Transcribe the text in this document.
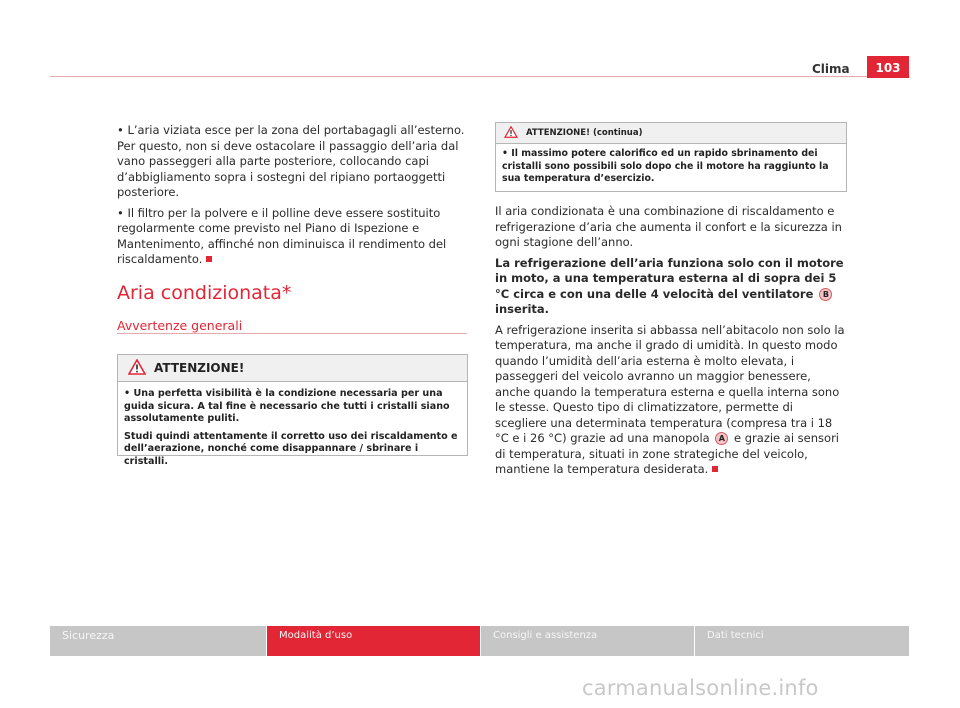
Clima	103

• L’aria viziata esce per la zona del portabagagli all’esterno. Per questo, non si deve ostacolare il passaggio dell’aria dal vano passeggeri alla parte posteriore, collocando capi d’abbigliamento sopra i sostegni del ripiano portaoggetti posteriore.

• Il filtro per la polvere e il polline deve essere sostituito regolarmente come previsto nel Piano di Ispezione e Mantenimento, affinché non diminuisca il rendimento del riscaldamento.

Aria condizionata*
Avvertenze generali
ATTENZIONE!

• Una perfetta visibilità è la condizione necessaria per una guida sicura. A tal fine è necessario che tutti i cristalli siano assolutamente puliti.

Studi quindi attentamente il corretto uso dei riscaldamento e dell’aerazione, nonché come disappannare / sbrinare i cristalli.

ATTENZIONE! (continua)

• Il massimo potere calorifico ed un rapido sbrinamento dei cristalli sono possibili solo dopo che il motore ha raggiunto la sua temperatura d’esercizio.

Il aria condizionata è una combinazione di riscaldamento e refrigerazione d’aria che aumenta il confort e la sicurezza in ogni stagione dell’anno.

La refrigerazione dell’aria funziona solo con il motore in moto, a una temperatura esterna al di sopra dei 5 °C circa e con una delle 4 velocità del ventilatore B inserita.

A refrigerazione inserita si abbassa nell’abitacolo non solo la temperatura, ma anche il grado di umidità. In questo modo quando l’umidità dell’aria esterna è molto elevata, i passeggeri del veicolo avranno un maggior benessere, anche quando la temperatura esterna e quella interna sono le stesse. Questo tipo di climatizzatore, permette di scegliere una determinata temperatura (compresa tra i 18 °C e i 26 °C) grazie ad una manopola A e grazie ai sensori di temperatura, situati in zone strategiche del veicolo, mantiene la temperatura desiderata.

Sicurezza	Modalità d’uso	Consigli e assistenza	Dati tecnici
carmanualsonline.info
